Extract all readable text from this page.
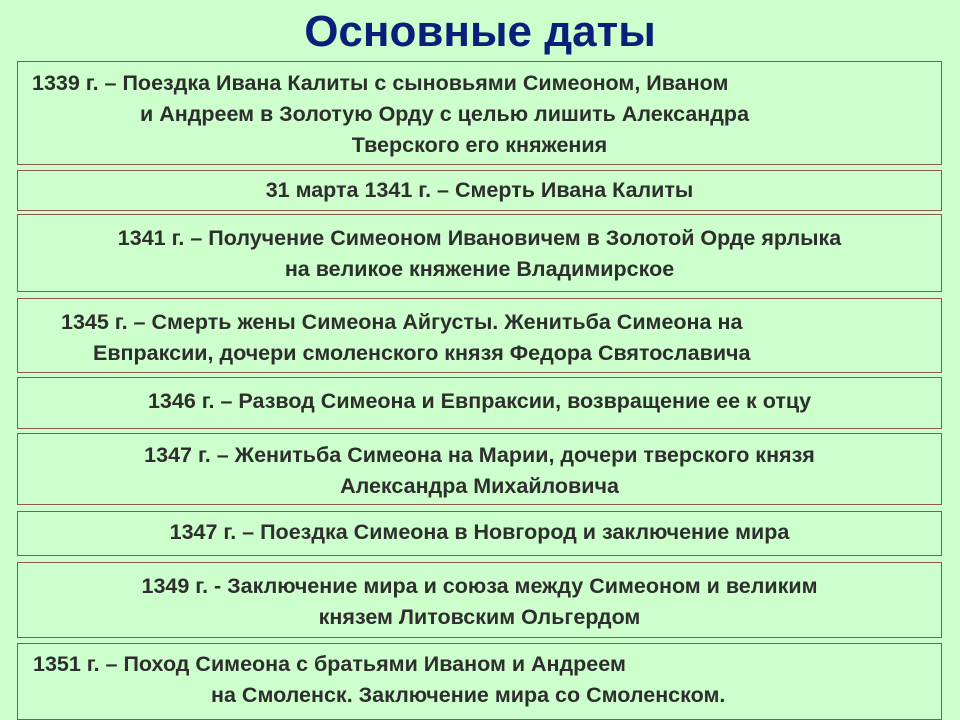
Основные даты
1339 г. – Поездка Ивана Калиты с сыновьями Симеоном, Иваном
и Андреем в Золотую Орду с целью лишить Александра
Тверского его княжения
31 марта 1341 г. – Смерть Ивана Калиты
1341 г. – Получение Симеоном Ивановичем в Золотой Орде ярлыка
на великое княжение Владимирское
1345 г. – Смерть жены Симеона Айгусты. Женитьба Симеона на
Евпраксии, дочери смоленского князя Федора Святославича
1346 г. – Развод Симеона и Евпраксии, возвращение ее к отцу
1347 г. – Женитьба Симеона на Марии, дочери тверского князя
Александра Михайловича
1347 г. – Поездка Симеона в Новгород и заключение мира
1349 г. - Заключение мира и союза между Симеоном и великим
князем Литовским Ольгердом
1351 г. – Поход Симеона с братьями Иваном и Андреем
на Смоленск. Заключение мира со Смоленском.
